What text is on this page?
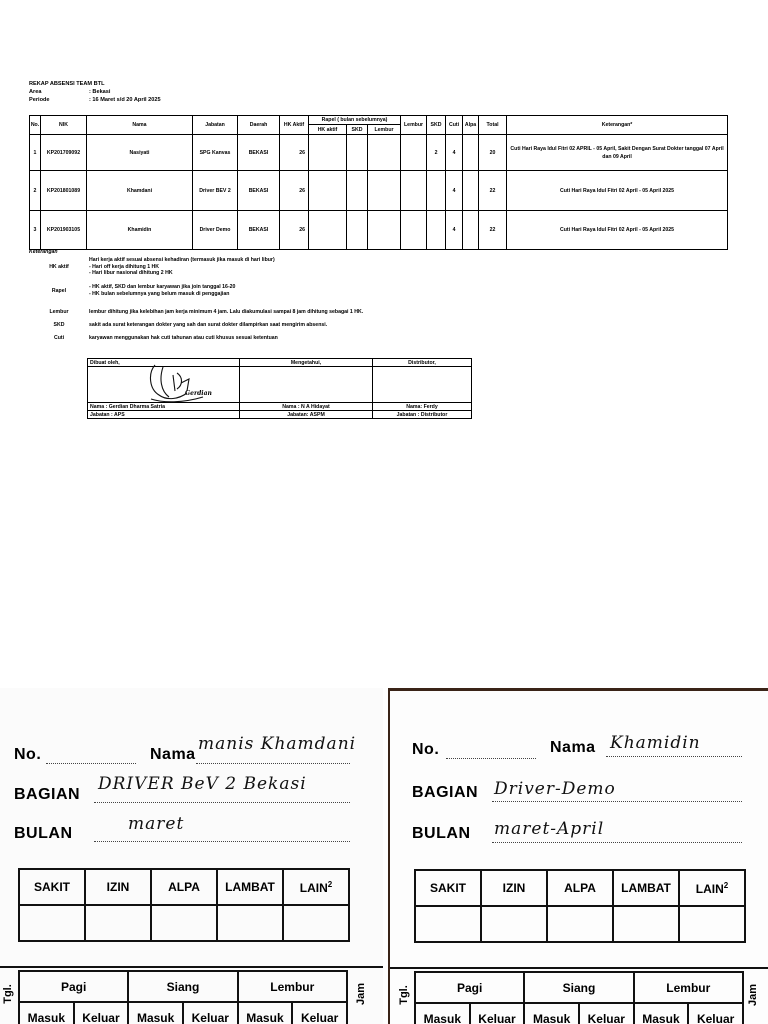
REKAP ABSENSI TEAM BTL
Area	: Bekasi
Periode	: 16 Maret s/d 20 April 2025
No.	NIK	Nama	Jabatan	Daerah	HK Aktif	Rapel ( bulan sebelumnya)			Lembur	SKD	Cuti	Alpa	Total	Keterangan*
						HK aktif	SKD	Lembur						
1	KP201709092	Nasiyati	SPG Kanvas	BEKASI	26					2	4		20	Cuti Hari Raya Idul Fitri 02 APRIL - 05 April, Sakit Dengan Surat Dokter tanggal 07 April dan 09 April
2	KP201801089	Khamdani	Driver BEV 2	BEKASI	26						4		22	Cuti Hari Raya Idul Fitri 02 April - 05 April 2025
3	KP201903105	Khamidin	Driver Demo	BEKASI	26						4		22	Cuti Hari Raya Idul Fitri 02 April - 05 April 2025
Keterangan
HK aktif
Hari kerja aktif sesuai absensi kehadiran (termasuk jika masuk di hari libur)
- Hari off kerja dihitung 1 HK
- Hari libur nasional dihitung 2 HK
Rapel
- HK aktif, SKD dan lembur karyawan jika join tanggal 16-20
- HK bulan sebelumnya yang belum masuk di penggajian
Lembur	lembur dihitung jika kelebihan jam kerja minimum 4 jam. Lalu diakumulasi sampai 8 jam dihitung sebagai 1 HK.
SKD	sakit ada surat keterangan dokter yang sah dan surat dokter dilampirkan saat mengirim absensi.
Cuti	karyawan menggunakan hak cuti tahunan atau cuti khusus sesuai ketentuan
Dibuat oleh,	Mengetahui,	Distributor,

Gerdian		

Nama : Gerdian Dharma Satria	Nama : N A Hidayat	Nama: Ferdy
Jabatan : APS	Jabatan: ASPM	Jabatan : Distributor
No.	Nama
manis Khamdani
BAGIAN
DRIVER BeV 2 Bekasi
BULAN	maret
SAKIT	IZIN	ALPA	LAMBAT	LAIN$^2$

Tgl.	Pagi		Siang		Lembur	
Masuk	Keluar	Masuk	Keluar	Masuk	Keluar
Jam
No.	Nama Khamidin
BAGIAN Driver-Demo
BULAN maret-April
SAKIT	IZIN	ALPA	LAMBAT	LAIN$^2$

Tgl.	Pagi		Siang		Lembur	
Masuk	Keluar	Masuk	Keluar	Masuk	Keluar
Jam
